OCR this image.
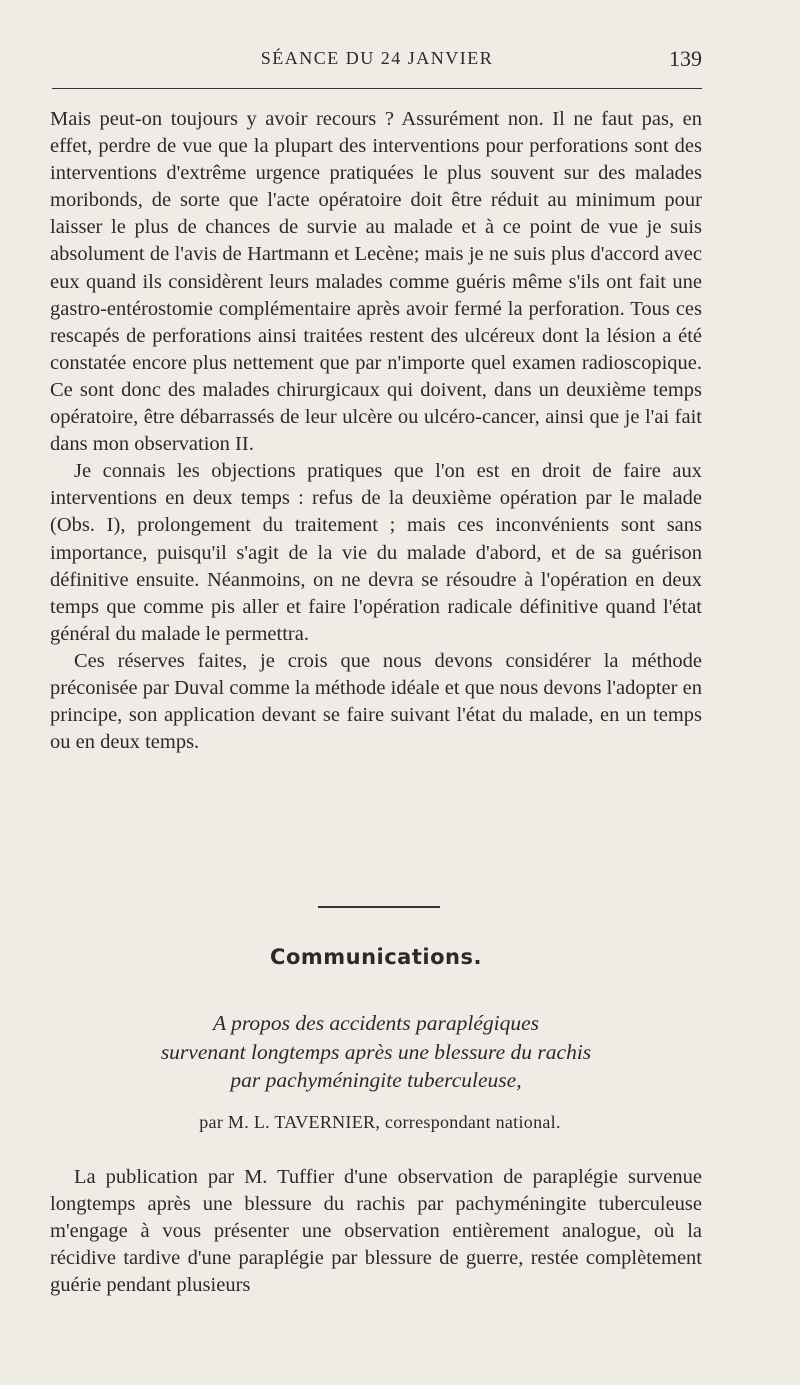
SÉANCE DU 24 JANVIER	139

Mais peut-on toujours y avoir recours ? Assurément non. Il ne faut pas, en effet, perdre de vue que la plupart des interventions pour perforations sont des interventions d'extrême urgence pratiquées le plus souvent sur des malades moribonds, de sorte que l'acte opératoire doit être réduit au minimum pour laisser le plus de chances de survie au malade et à ce point de vue je suis absolument de l'avis de Hartmann et Lecène; mais je ne suis plus d'accord avec eux quand ils considèrent leurs malades comme guéris même s'ils ont fait une gastro-entérostomie complémentaire après avoir fermé la perforation. Tous ces rescapés de perforations ainsi traitées restent des ulcéreux dont la lésion a été constatée encore plus nettement que par n'importe quel examen radioscopique. Ce sont donc des malades chirurgicaux qui doivent, dans un deuxième temps opératoire, être débarrassés de leur ulcère ou ulcéro-cancer, ainsi que je l'ai fait dans mon observation II.

Je connais les objections pratiques que l'on est en droit de faire aux interventions en deux temps : refus de la deuxième opération par le malade (Obs. I), prolongement du traitement ; mais ces inconvénients sont sans importance, puisqu'il s'agit de la vie du malade d'abord, et de sa guérison définitive ensuite. Néanmoins, on ne devra se résoudre à l'opération en deux temps que comme pis aller et faire l'opération radicale définitive quand l'état général du malade le permettra.

Ces réserves faites, je crois que nous devons considérer la méthode préconisée par Duval comme la méthode idéale et que nous devons l'adopter en principe, son application devant se faire suivant l'état du malade, en un temps ou en deux temps.

Communications.
A propos des accidents paraplégiques
survenant longtemps après une blessure du rachis
par pachyméningite tuberculeuse,
par M. L. TAVERNIER, correspondant national.

La publication par M. Tuffier d'une observation de paraplégie survenue longtemps après une blessure du rachis par pachyméningite tuberculeuse m'engage à vous présenter une observation entièrement analogue, où la récidive tardive d'une paraplégie par blessure de guerre, restée complètement guérie pendant plusieurs
